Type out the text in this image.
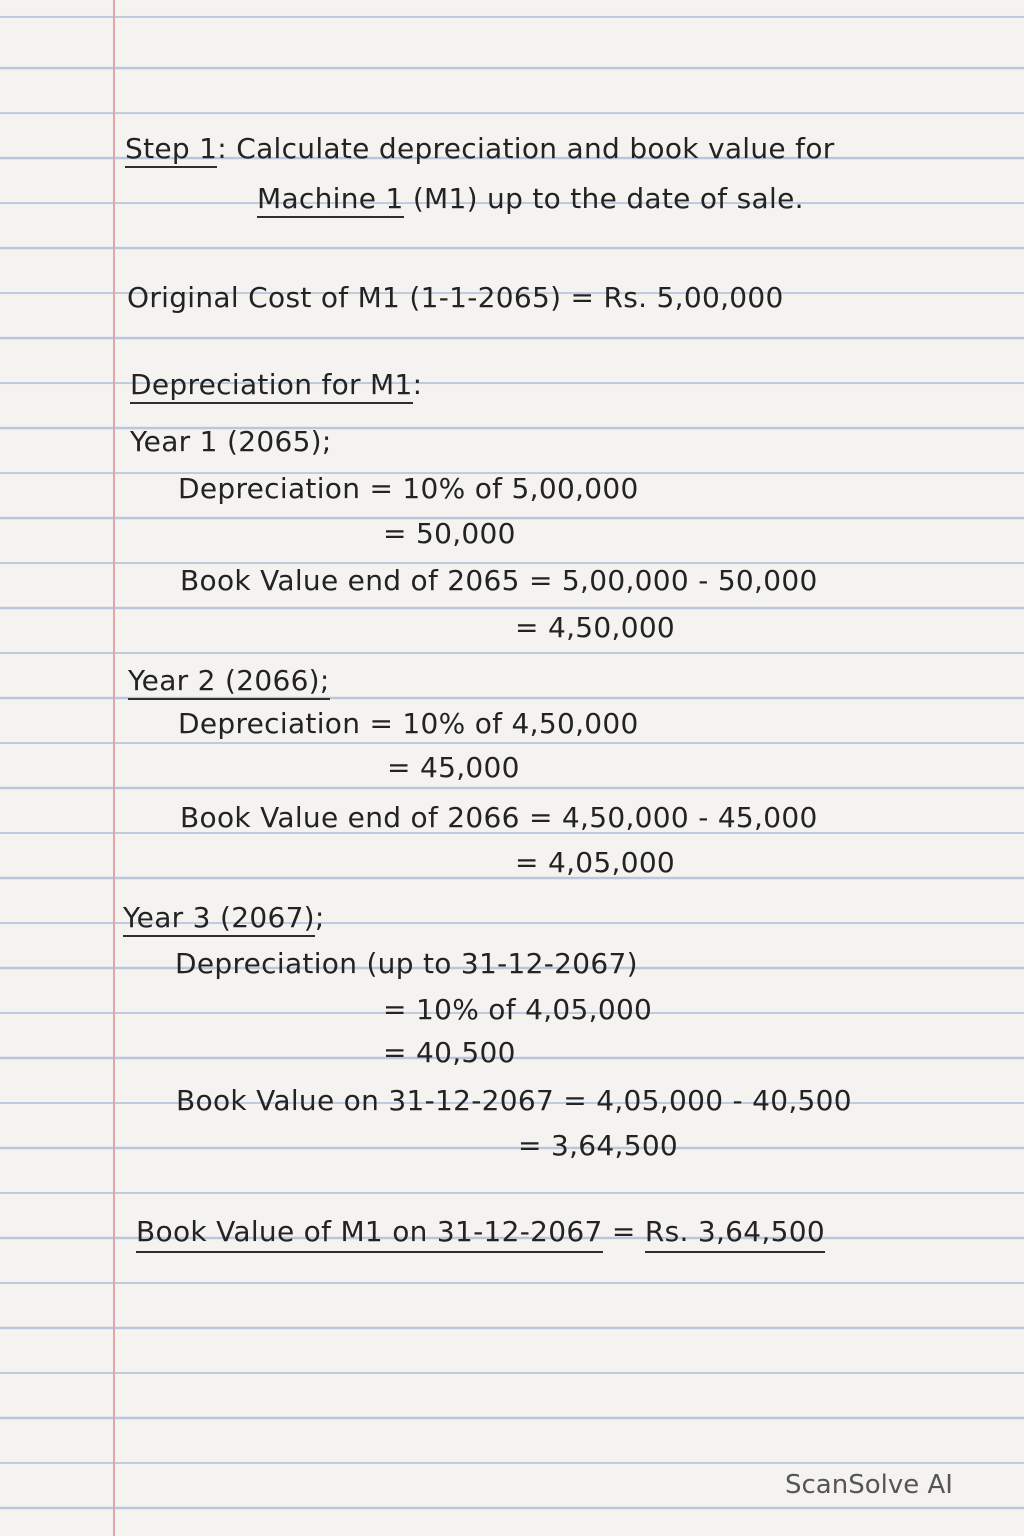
Step 1: Calculate depreciation and book value for
Machine 1 (M1) up to the date of sale.
Original Cost of M1 (1-1-2065) = Rs. 5,00,000
Depreciation for M1:
Year 1 (2065);
Depreciation = 10% of 5,00,000
= 50,000
Book Value end of 2065 = 5,00,000 - 50,000
= 4,50,000
Year 2 (2066);
Depreciation = 10% of 4,50,000
= 45,000
Book Value end of 2066 = 4,50,000 - 45,000
= 4,05,000
Year 3 (2067);
Depreciation (up to 31-12-2067)
= 10% of 4,05,000
= 40,500
Book Value on 31-12-2067 = 4,05,000 - 40,500
= 3,64,500
Book Value of M1 on 31-12-2067 = Rs. 3,64,500
ScanSolve AI
